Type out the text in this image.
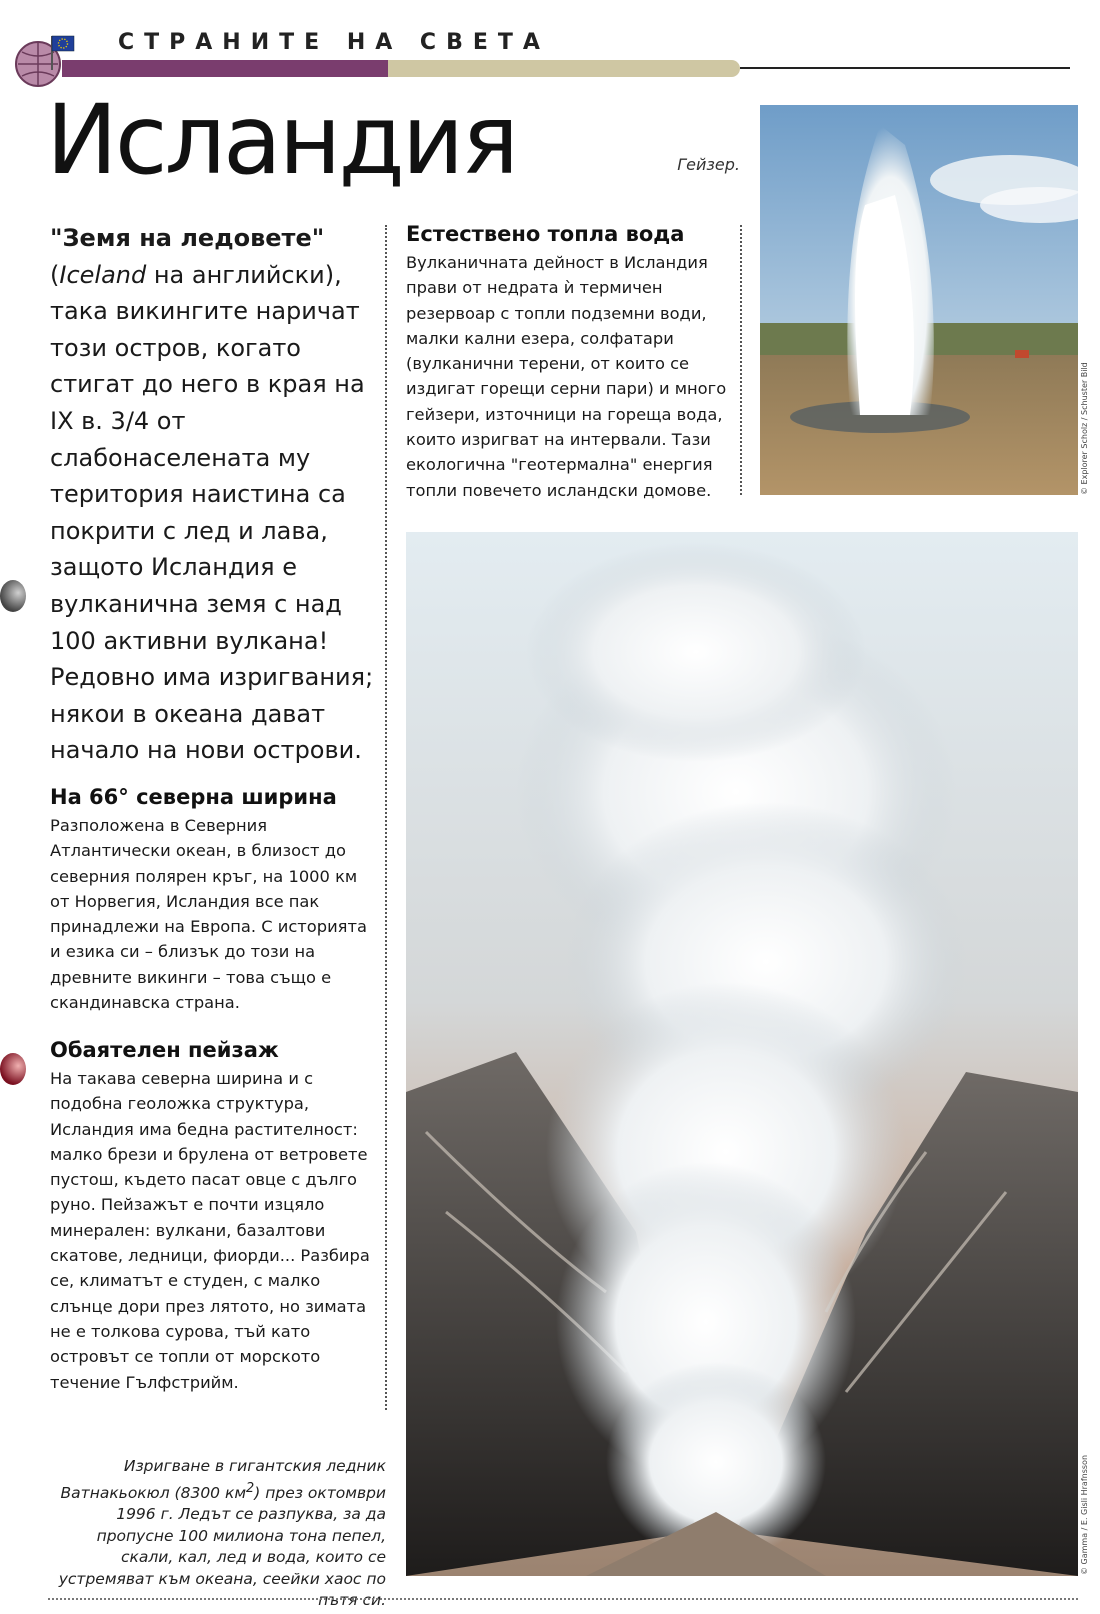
СТРАНИТЕ НА СВЕТА
Исландия	Гейзер.
© Explorer Scholz / Schuster Bild
"Земя на ледовете"
(Iceland на английски), така викингите наричат този остров, когато стигат до него в края на IX в. 3/4 от слабонаселената му територия наистина са покрити с лед и лава, защото Исландия е вулканична земя с над 100 активни вулкана! Редовно има изригвания; някои в океана дават начало на нови острови.
На 66° северна ширина
Разположена в Северния Атлантически океан, в близост до северния полярен кръг, на 1000 км от Норвегия, Исландия все пак принадлежи на Европа. С историята и езика си – близък до този на древните викинги – това също е скандинавска страна.
Обаятелен пейзаж
На такава северна ширина и с подобна геоложка структура, Исландия има бедна растителност: малко брези и брулена от ветровете пустош, където пасат овце с дълго руно. Пейзажът е почти изцяло минерален: вулкани, базалтови скатове, ледници, фиорди... Разбира се, климатът е студен, с малко слънце дори през лятото, но зимата не е толкова сурова, тъй като островът се топли от морското течение Гълфстрийм.
Естествено топла вода
Вулканичната дейност в Исландия прави от недрата ѝ термичен резервоар с топли подземни води, малки кални езера, солфатари (вулканични терени, от които се издигат горещи серни пари) и много гейзери, източници на гореща вода, които изригват на интервали. Тази екологична "геотермална" енергия топли повечето исландски домове.
© Gamma / E. Gisli Hrafnsson
Изригване в гигантския ледник Ватнакьокюл (8300 $км^2$) през октомври 1996 г. Ледът се разпуква, за да пропусне 100 милиона тона пепел, скали, кал, лед и вода, които се устремяват към океана, сеейки хаос по пътя си.
